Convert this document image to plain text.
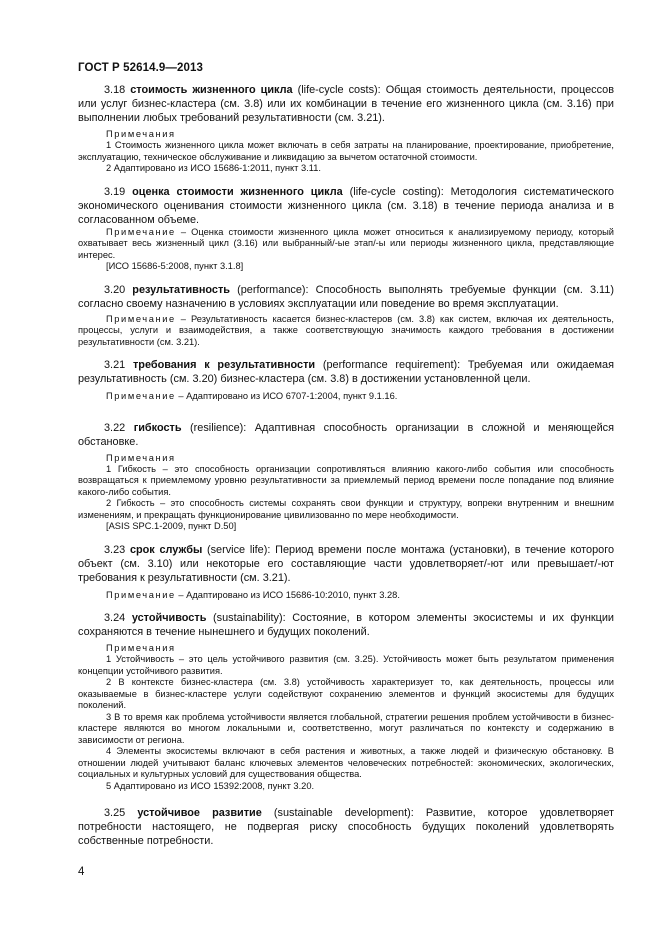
ГОСТ Р 52614.9—2013

3.18 стоимость жизненного цикла (life-cycle costs): Общая стоимость деятельности, процессов или услуг бизнес-кластера (см. 3.8) или их комбинации в течение его жизненного цикла (см. 3.16) при выполнении любых требований результативности (см. 3.21).

Примечания

1 Стоимость жизненного цикла может включать в себя затраты на планирование, проектирование, приобретение, эксплуатацию, техническое обслуживание и ликвидацию за вычетом остаточной стоимости.

2 Адаптировано из ИСО 15686-1:2011, пункт 3.11.

3.19 оценка стоимости жизненного цикла (life-cycle costing): Методология систематического экономического оценивания стоимости жизненного цикла (см. 3.18) в течение периода анализа и в согласованном объеме.

Примечание – Оценка стоимости жизненного цикла может относиться к анализируемому периоду, который охватывает весь жизненный цикл (3.16) или выбранный/-ые этап/-ы или периоды жизненного цикла, представляющие интерес.

[ИСО 15686-5:2008, пункт 3.1.8]

3.20 результативность (performance): Способность выполнять требуемые функции (см. 3.11) согласно своему назначению в условиях эксплуатации или поведение во время эксплуатации.

Примечание – Результативность касается бизнес-кластеров (см. 3.8) как систем, включая их деятельность, процессы, услуги и взаимодействия, а также соответствующую значимость каждого требования в достижении результативности (см. 3.21).

3.21 требования к результативности (performance requirement): Требуемая или ожидаемая результативность (см. 3.20) бизнес-кластера (см. 3.8) в достижении установленной цели.

Примечание – Адаптировано из ИСО 6707-1:2004, пункт 9.1.16.

3.22 гибкость (resilience): Адаптивная способность организации в сложной и меняющейся обстановке.

Примечания

1 Гибкость – это способность организации сопротивляться влиянию какого-либо события или способность возвращаться к приемлемому уровню результативности за приемлемый период времени после попадание под влияние какого-либо события.

2 Гибкость – это способность системы сохранять свои функции и структуру, вопреки внутренним и внешним изменениям, и прекращать функционирование цивилизованно по мере необходимости.

[ASIS SPC.1-2009, пункт D.50]

3.23 срок службы (service life): Период времени после монтажа (установки), в течение которого объект (см. 3.10) или некоторые его составляющие части удовлетворяет/-ют или превышает/-ют требования к результативности (см. 3.21).

Примечание – Адаптировано из ИСО 15686-10:2010, пункт 3.28.

3.24 устойчивость (sustainability): Состояние, в котором элементы экосистемы и их функции сохраняются в течение нынешнего и будущих поколений.

Примечания

1 Устойчивость – это цель устойчивого развития (см. 3.25). Устойчивость может быть результатом применения концепции устойчивого развития.

2 В контексте бизнес-кластера (см. 3.8) устойчивость характеризует то, как деятельность, процессы или оказываемые в бизнес-кластере услуги содействуют сохранению элементов и функций экосистемы для будущих поколений.

3 В то время как проблема устойчивости является глобальной, стратегии решения проблем устойчивости в бизнес-кластере являются во многом локальными и, соответственно, могут различаться по контексту и содержанию в зависимости от региона.

4 Элементы экосистемы включают в себя растения и животных, а также людей и физическую обстановку. В отношении людей учитывают баланс ключевых элементов человеческих потребностей: экономических, экологических, социальных и культурных условий для существования общества.

5 Адаптировано из ИСО 15392:2008, пункт 3.20.

3.25 устойчивое развитие (sustainable development): Развитие, которое удовлетворяет потребности настоящего, не подвергая риску способность будущих поколений удовлетворять собственные потребности.

4
